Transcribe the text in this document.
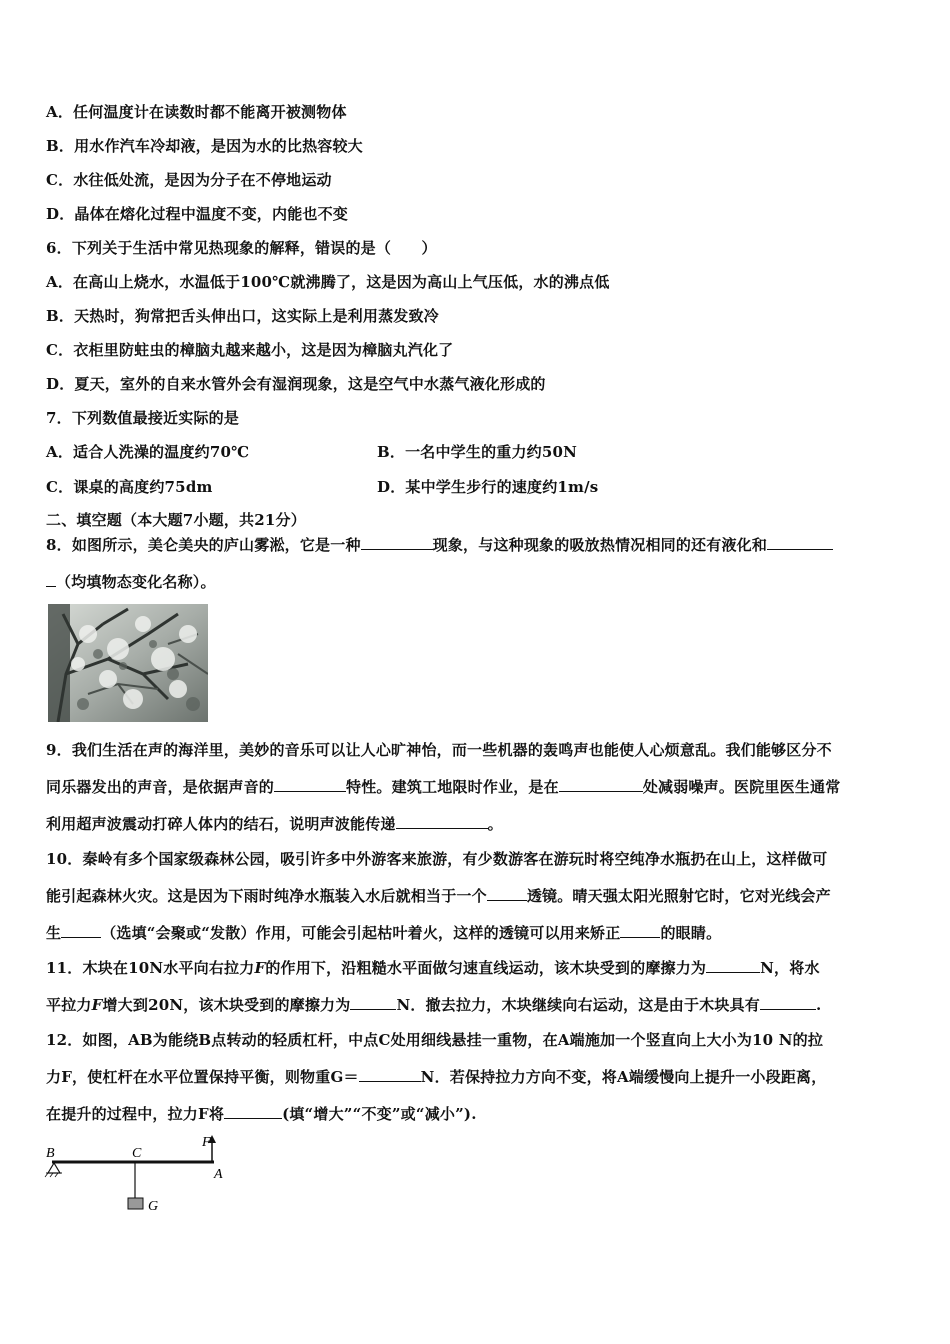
A．任何温度计在读数时都不能离开被测物体
B．用水作汽车冷却液，是因为水的比热容较大
C．水往低处流，是因为分子在不停地运动
D．晶体在熔化过程中温度不变，内能也不变
6．下列关于生活中常见热现象的解释，错误的是（　　）
A．在高山上烧水，水温低于100℃就沸腾了，这是因为高山上气压低，水的沸点低
B．天热时，狗常把舌头伸出口，这实际上是利用蒸发致冷
C．衣柜里防蛀虫的樟脑丸越来越小，这是因为樟脑丸汽化了
D．夏天，室外的自来水管外会有湿润现象，这是空气中水蒸气液化形成的
7．下列数值最接近实际的是
A．适合人洗澡的温度约70℃	B．一名中学生的重力约50N
C．课桌的高度约75dm	D．某中学生步行的速度约1m/s
二、填空题（本大题7小题，共21分）
8．如图所示，美仑美央的庐山雾淞，它是一种	现象，与这种现象的吸放热情况相同的还有液化和
（均填物态变化名称）。
9．我们生活在声的海洋里，美妙的音乐可以让人心旷神怡，而一些机器的轰鸣声也能使人心烦意乱。我们能够区分不
同乐器发出的声音，是依据声音的	特性。建筑工地限时作业，是在	处减弱噪声。医院里医生通常
利用超声波震动打碎人体内的结石，说明声波能传递	。
10．秦岭有多个国家级森林公园，吸引许多中外游客来旅游，有少数游客在游玩时将空纯净水瓶扔在山上，这样做可
能引起森林火灾。这是因为下雨时纯净水瓶装入水后就相当于一个	透镜。晴天强太阳光照射它时，它对光线会产
生	（选填“会聚或“发散）作用，可能会引起枯叶着火，这样的透镜可以用来矫正	的眼睛。
11．木块在10N水平向右拉力F的作用下，沿粗糙水平面做匀速直线运动，该木块受到的摩擦力为	N，将水
平拉力F增大到20N，该木块受到的摩擦力为	N．撤去拉力，木块继续向右运动，这是由于木块具有	.
12．如图，AB为能绕B点转动的轻质杠杆，中点C处用细线悬挂一重物，在A端施加一个竖直向上大小为10 N的拉
力F，使杠杆在水平位置保持平衡，则物重G＝	N．若保持拉力方向不变，将A端缓慢向上提升一小段距离，
在提升的过程中，拉力F将	(填“增大”“不变”或“减小”).
B	C
F
A
G
